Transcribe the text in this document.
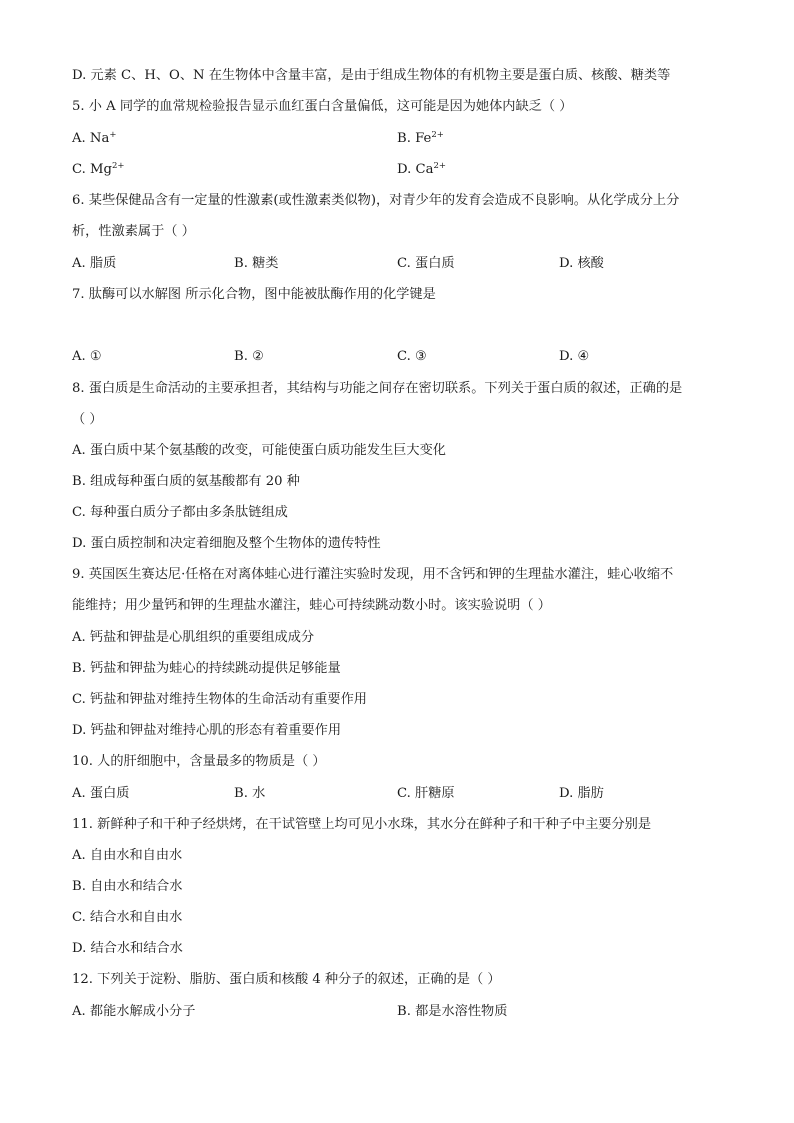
D. 元素 C、H、O、N 在生物体中含量丰富，是由于组成生物体的有机物主要是蛋白质、核酸、糖类等
5. 小 A 同学的血常规检验报告显示血红蛋白含量偏低，这可能是因为她体内缺乏（ ）
A. Na+	B. $Fe^{2+}$
C. $Mg^{2+}$	D. $Ca^{2+}$
6. 某些保健品含有一定量的性激素(或性激素类似物)，对青少年的发育会造成不良影响。从化学成分上分
析，性激素属于（ ）
A. 脂质	B. 糖类	C. 蛋白质	D. 核酸
7. 肽酶可以水解图 所示化合物，图中能被肽酶作用的化学键是
A. ①	B. ②	C. ③	D. ④
8. 蛋白质是生命活动的主要承担者，其结构与功能之间存在密切联系。下列关于蛋白质的叙述，正确的是
（ ）
A. 蛋白质中某个氨基酸的改变，可能使蛋白质功能发生巨大变化
B. 组成每种蛋白质的氨基酸都有 20 种
C. 每种蛋白质分子都由多条肽链组成
D. 蛋白质控制和决定着细胞及整个生物体的遗传特性
9. 英国医生赛达尼·任格在对离体蛙心进行灌注实验时发现，用不含钙和钾的生理盐水灌注，蛙心收缩不
能维持；用少量钙和钾的生理盐水灌注，蛙心可持续跳动数小时。该实验说明（ ）
A. 钙盐和钾盐是心肌组织的重要组成成分
B. 钙盐和钾盐为蛙心的持续跳动提供足够能量
C. 钙盐和钾盐对维持生物体的生命活动有重要作用
D. 钙盐和钾盐对维持心肌的形态有着重要作用
10. 人的肝细胞中，含量最多的物质是（ ）
A. 蛋白质	B. 水	C. 肝糖原	D. 脂肪
11. 新鲜种子和干种子经烘烤，在干试管壁上均可见小水珠，其水分在鲜种子和干种子中主要分别是
A. 自由水和自由水
B. 自由水和结合水
C. 结合水和自由水
D. 结合水和结合水
12. 下列关于淀粉、脂肪、蛋白质和核酸 4 种分子的叙述，正确的是（ ）
A. 都能水解成小分子	B. 都是水溶性物质
